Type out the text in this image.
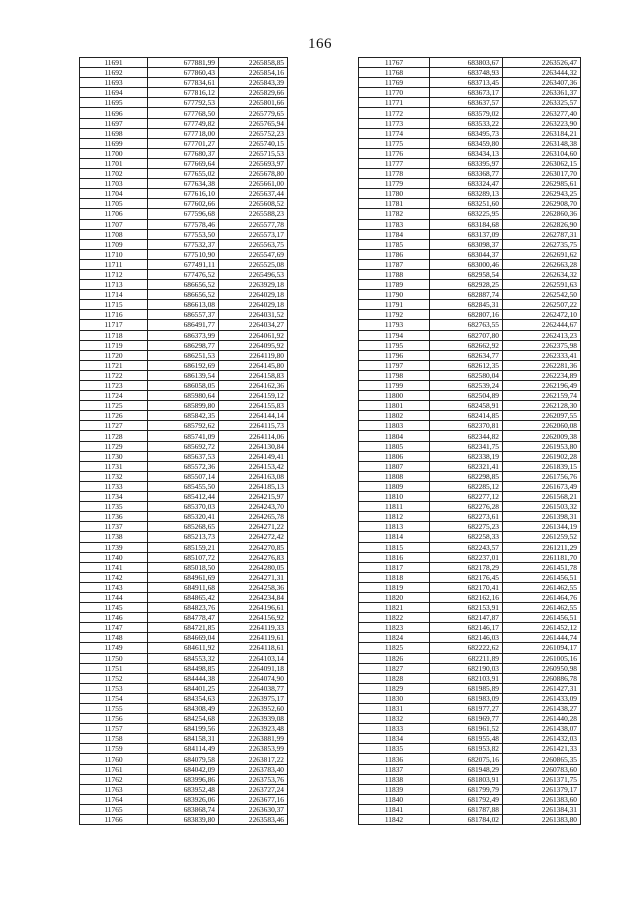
166
11691	677881,99	2265858,85
11692	677860,43	2265854,16
11693	677834,61	2265843,39
11694	677816,12	2265829,66
11695	677792,53	2265801,66
11696	677768,50	2265779,65
11697	677749,82	2265765,94
11698	677718,00	2265752,23
11699	677701,27	2265740,15
11700	677680,37	2265715,53
11701	677669,64	2265693,97
11702	677655,02	2265678,80
11703	677634,38	2265661,00
11704	677616,10	2265637,44
11705	677602,66	2265608,52
11706	677596,68	2265588,23
11707	677578,46	2265577,78
11708	677553,50	2265573,17
11709	677532,37	2265563,75
11710	677510,90	2265547,69
11711	677491,11	2265525,08
11712	677476,52	2265496,53
11713	686656,52	2263929,18
11714	686656,52	2264029,18
11715	686613,08	2264029,18
11716	686557,37	2264031,52
11717	686491,77	2264034,27
11718	686373,99	2264061,92
11719	686298,77	2264095,92
11720	686251,53	2264119,80
11721	686192,69	2264145,80
11722	686139,54	2264158,83
11723	686058,05	2264162,36
11724	685980,64	2264159,12
11725	685899,80	2264155,83
11726	685842,35	2264144,14
11727	685792,62	2264115,73
11728	685741,09	2264114,06
11729	685692,72	2264130,84
11730	685637,53	2264149,41
11731	685572,36	2264153,42
11732	685507,14	2264163,08
11733	685455,50	2264185,13
11734	685412,44	2264215,97
11735	685370,03	2264243,70
11736	685320,41	2264265,78
11737	685268,65	2264271,22
11738	685213,73	2264272,42
11739	685159,21	2264270,85
11740	685107,72	2264276,83
11741	685018,50	2264280,05
11742	684961,69	2264271,31
11743	684911,68	2264258,36
11744	684865,42	2264234,84
11745	684823,76	2264196,61
11746	684778,47	2264156,92
11747	684721,85	2264119,33
11748	684669,04	2264119,61
11749	684611,92	2264118,61
11750	684553,32	2264103,14
11751	684498,85	2264091,18
11752	684444,38	2264074,90
11753	684401,25	2264038,77
11754	684354,63	2263975,17
11755	684308,49	2263952,60
11756	684254,68	2263939,08
11757	684199,56	2263923,48
11758	684158,31	2263881,99
11759	684114,49	2263853,99
11760	684079,58	2263817,22
11761	684042,09	2263783,40
11762	683996,86	2263753,76
11763	683952,48	2263727,24
11764	683926,06	2263677,16
11765	683868,74	2263630,37
11766	683839,80	2263583,46
11767	683803,67	2263526,47
11768	683748,93	2263444,32
11769	683713,45	2263407,36
11770	683673,17	2263361,37
11771	683637,57	2263325,57
11772	683579,02	2263277,40
11773	683533,22	2263223,90
11774	683495,73	2263184,21
11775	683459,80	2263148,38
11776	683434,13	2263104,60
11777	683395,97	2263062,15
11778	683368,77	2263017,70
11779	683324,47	2262985,61
11780	683289,13	2262943,25
11781	683251,60	2262908,70
11782	683225,95	2262860,36
11783	683184,68	2262826,90
11784	683137,09	2262787,31
11785	683098,37	2262735,75
11786	683044,37	2262691,62
11787	683000,46	2262663,28
11788	682958,54	2262634,32
11789	682928,25	2262591,63
11790	682887,74	2262542,50
11791	682845,31	2262507,22
11792	682807,16	2262472,10
11793	682763,55	2262444,67
11794	682707,80	2262413,23
11795	682662,92	2262375,98
11796	682634,77	2262333,41
11797	682612,35	2262281,36
11798	682580,04	2262234,89
11799	682539,24	2262196,49
11800	682504,89	2262159,74
11801	682458,91	2262128,30
11802	682414,85	2262097,55
11803	682370,81	2262060,08
11804	682344,82	2262009,38
11805	682341,75	2261953,80
11806	682338,19	2261902,28
11807	682321,41	2261839,15
11808	682298,85	2261756,76
11809	682285,12	2261673,49
11810	682277,12	2261568,21
11811	682276,28	2261503,32
11812	682273,61	2261398,31
11813	682275,23	2261344,19
11814	682258,33	2261259,52
11815	682243,57	2261211,29
11816	682237,01	2261181,70
11817	682178,29	2261451,78
11818	682176,45	2261456,51
11819	682170,41	2261462,55
11820	682162,16	2261464,76
11821	682153,91	2261462,55
11822	682147,87	2261456,51
11823	682146,17	2261452,12
11824	682146,03	2261444,74
11825	682222,62	2261094,17
11826	682211,89	2261005,16
11827	682190,03	2260950,98
11828	682103,91	2260886,78
11829	681985,89	2261427,31
11830	681983,09	2261433,09
11831	681977,27	2261438,27
11832	681969,77	2261440,28
11833	681961,52	2261438,07
11834	681955,48	2261432,03
11835	681953,82	2261421,33
11836	682075,16	2260865,35
11837	681948,29	2260783,60
11838	681803,91	2261371,75
11839	681799,79	2261379,17
11840	681792,49	2261383,60
11841	681787,88	2261384,31
11842	681784,02	2261383,80
